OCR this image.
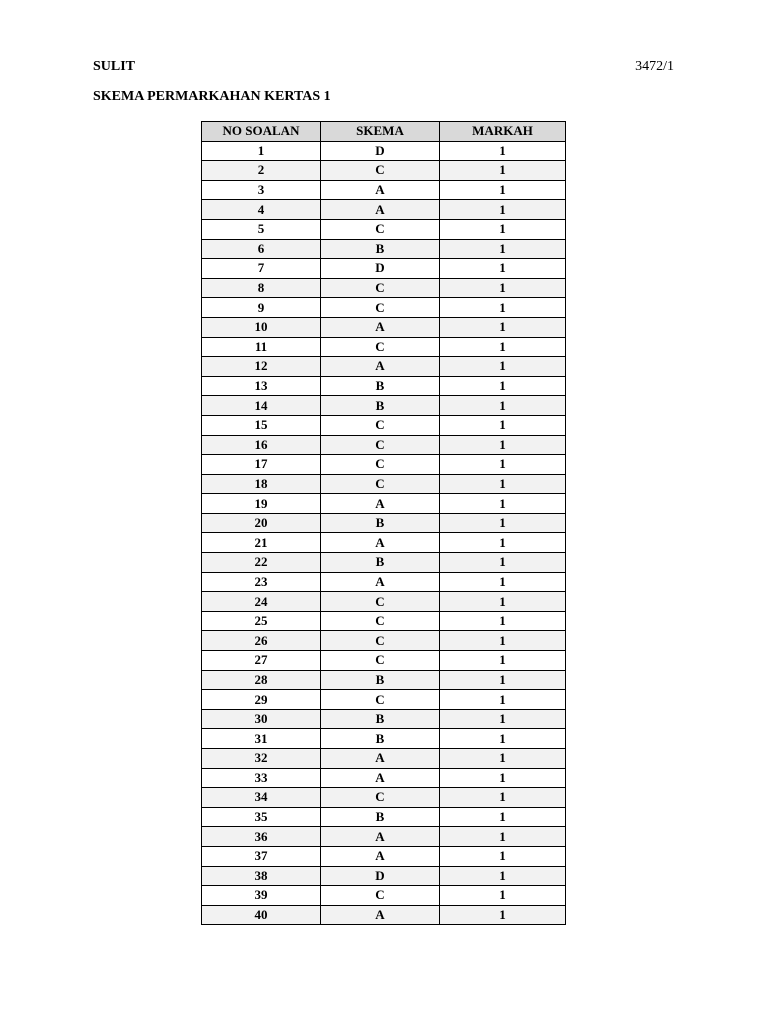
SULIT	3472/1
SKEMA PERMARKAHAN KERTAS 1
NO SOALAN	SKEMA	MARKAH
1	D	1
2	C	1
3	A	1
4	A	1
5	C	1
6	B	1
7	D	1
8	C	1
9	C	1
10	A	1
11	C	1
12	A	1
13	B	1
14	B	1
15	C	1
16	C	1
17	C	1
18	C	1
19	A	1
20	B	1
21	A	1
22	B	1
23	A	1
24	C	1
25	C	1
26	C	1
27	C	1
28	B	1
29	C	1
30	B	1
31	B	1
32	A	1
33	A	1
34	C	1
35	B	1
36	A	1
37	A	1
38	D	1
39	C	1
40	A	1
